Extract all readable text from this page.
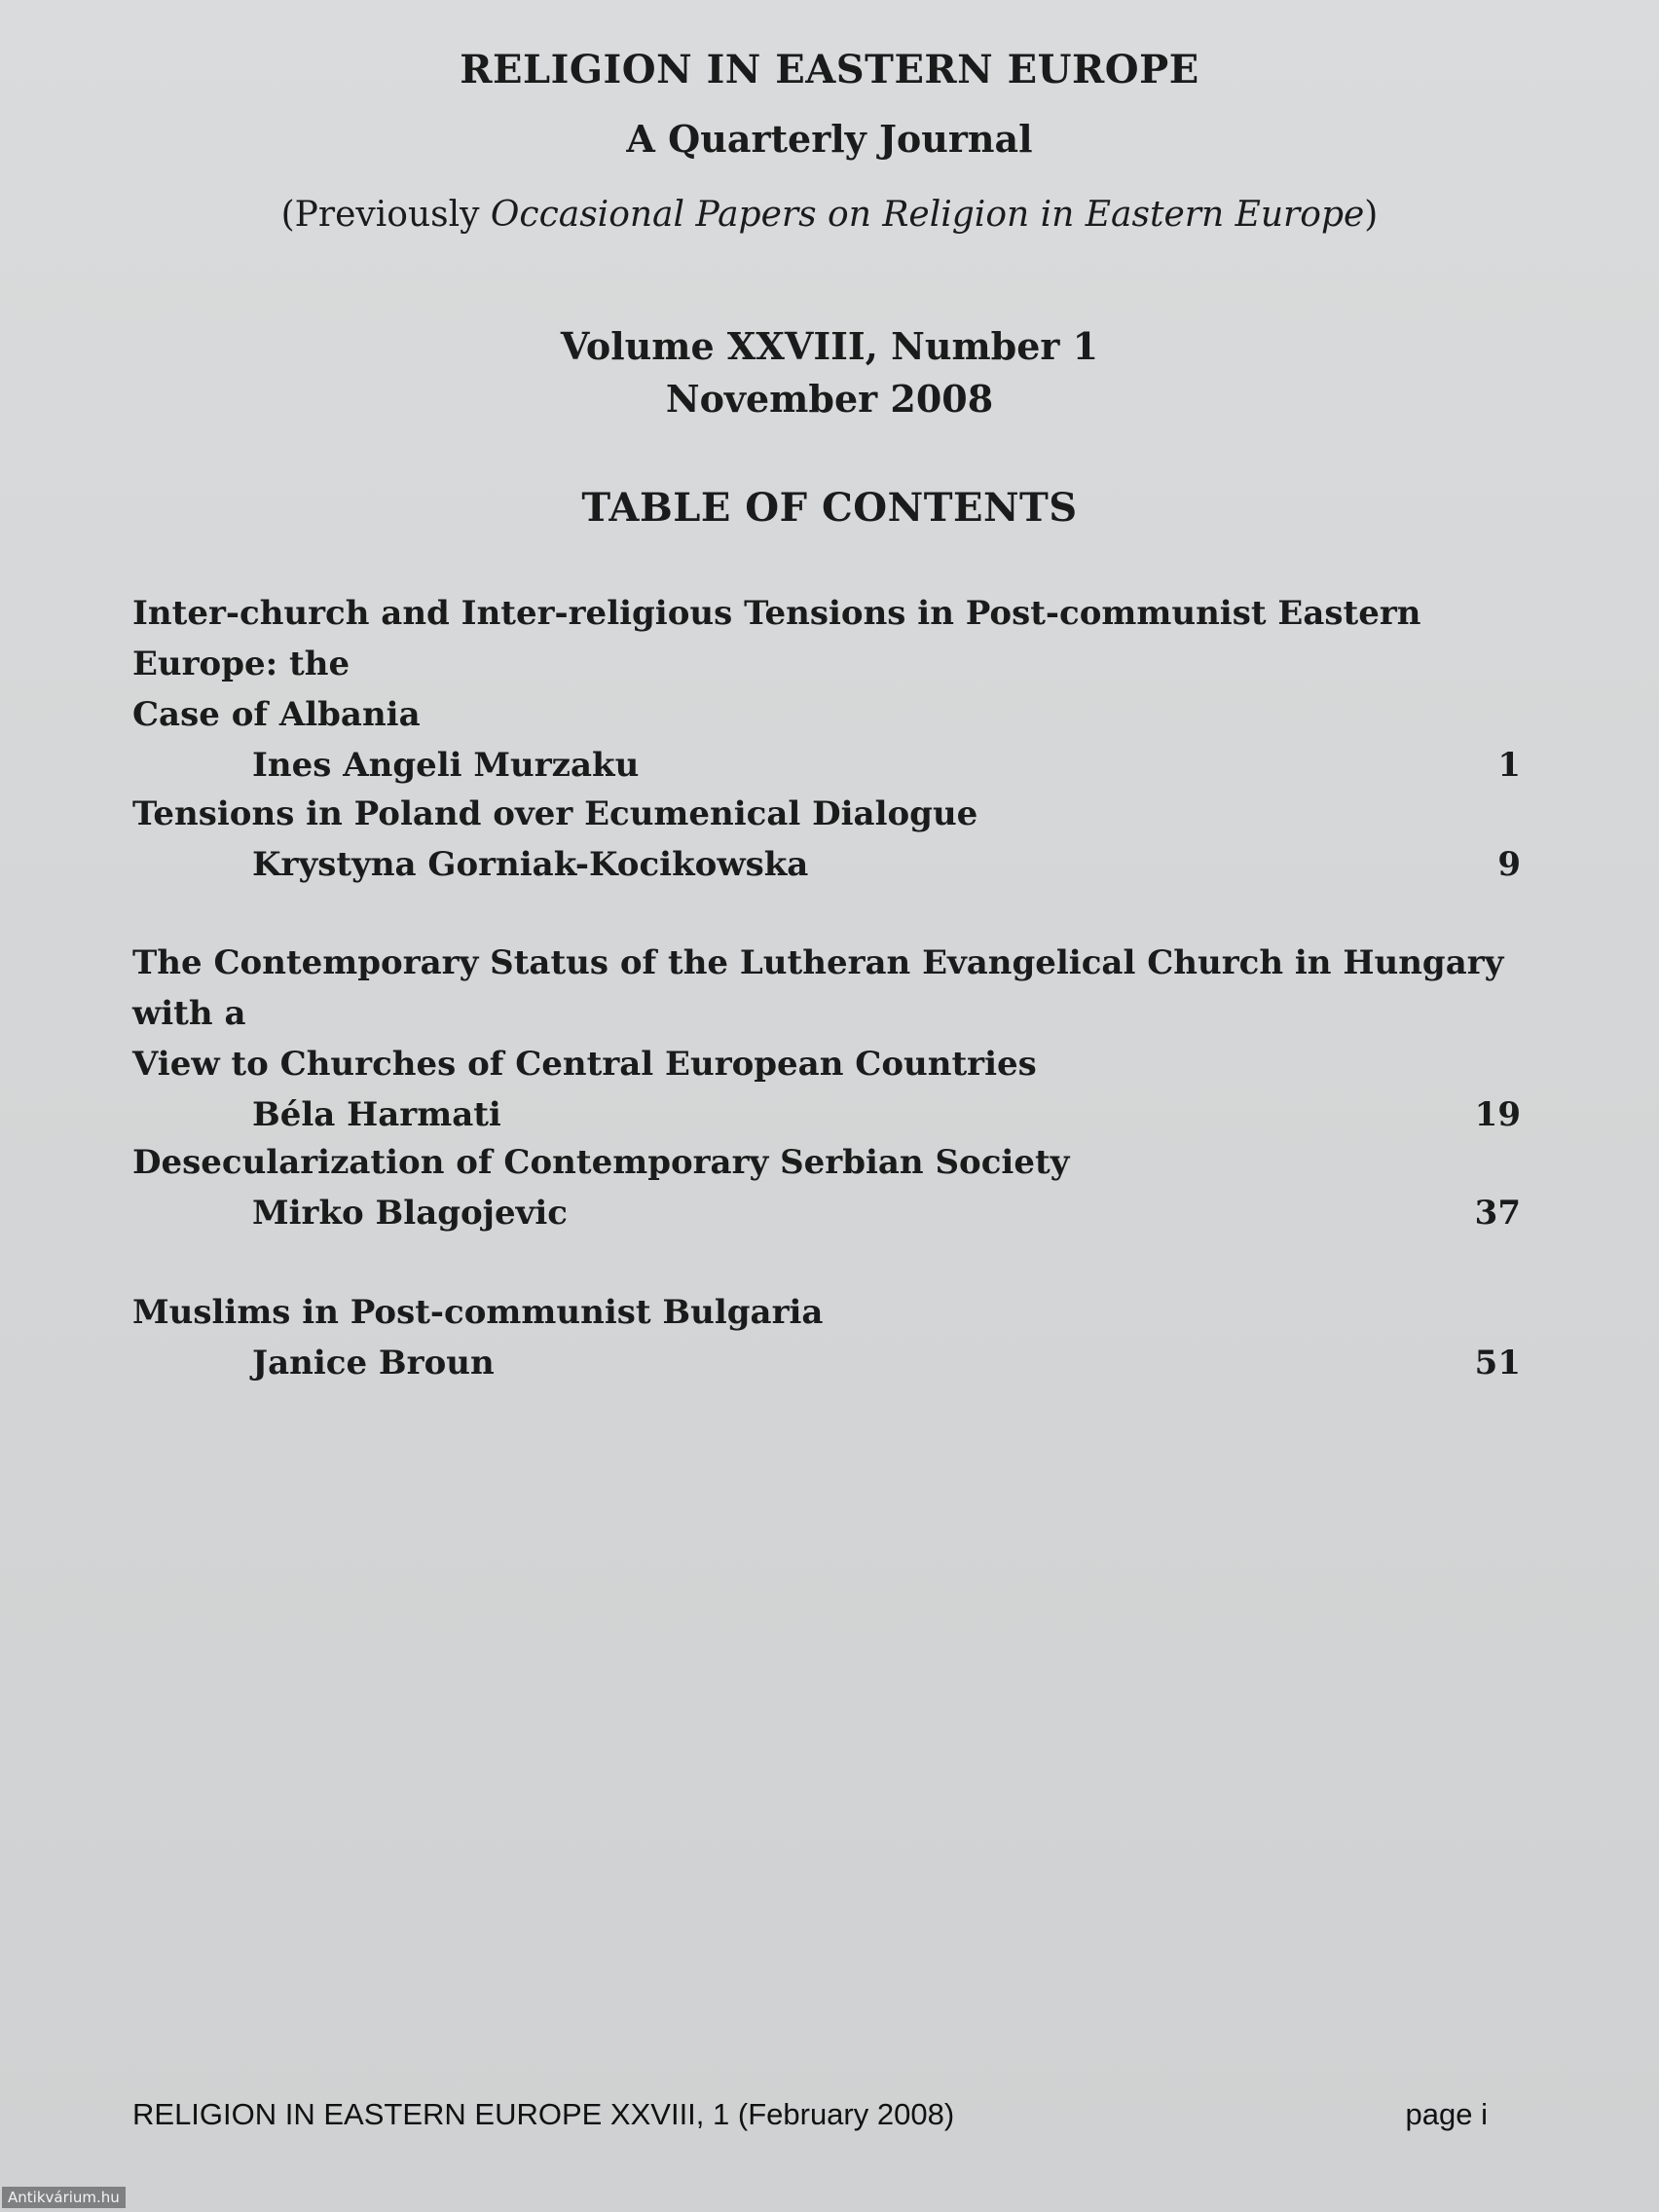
RELIGION IN EASTERN EUROPE
A Quarterly Journal
(Previously Occasional Papers on Religion in Eastern Europe)
Volume XXVIII, Number 1
November 2008
TABLE OF CONTENTS
Inter-church and Inter-religious Tensions in Post-communist Eastern Europe: the
Case of Albania
Ines Angeli Murzaku	1
Tensions in Poland over Ecumenical Dialogue
Krystyna Gorniak-Kocikowska	9
The Contemporary Status of the Lutheran Evangelical Church in Hungary with a
View to Churches of Central European Countries
Béla Harmati	19
Desecularization of Contemporary Serbian Society
Mirko Blagojevic	37
Muslims in Post-communist Bulgaria
Janice Broun	51
RELIGION IN EASTERN EUROPE XXVIII, 1 (February 2008)	page i
Antikvárium.hu
